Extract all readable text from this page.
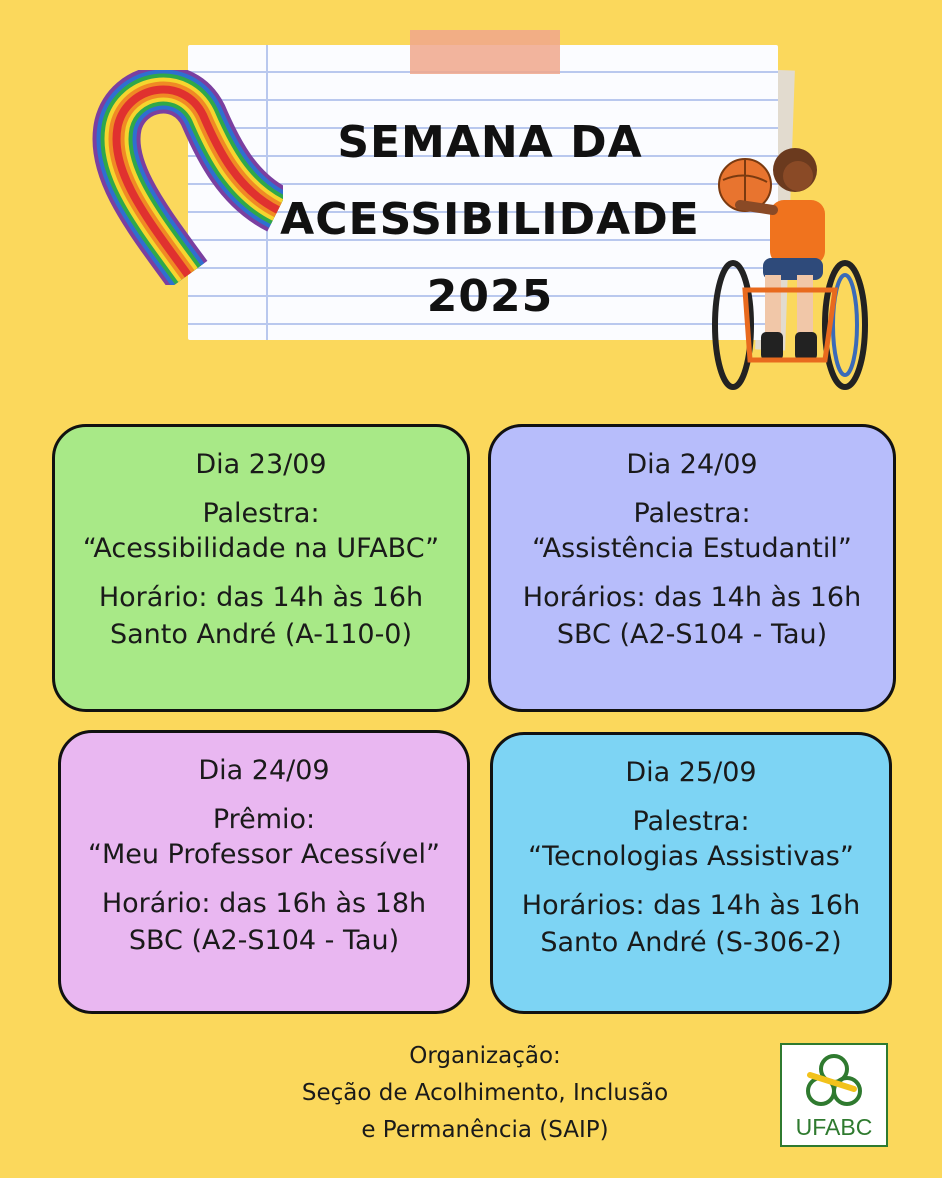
SEMANA DA
ACESSIBILIDADE
2025
Dia 23/09
Palestra:
“Acessibilidade na UFABC”
Horário: das 14h às 16h
Santo André (A-110-0)
Dia 24/09
Palestra:
“Assistência Estudantil”
Horários: das 14h às 16h
SBC (A2-S104 - Tau)
Dia 24/09
Prêmio:
“Meu Professor Acessível”
Horário: das 16h às 18h
SBC (A2-S104 - Tau)
Dia 25/09
Palestra:
“Tecnologias Assistivas”
Horários: das 14h às 16h
Santo André (S-306-2)
Organização:
Seção de Acolhimento, Inclusão
e Permanência (SAIP)	UFABC
